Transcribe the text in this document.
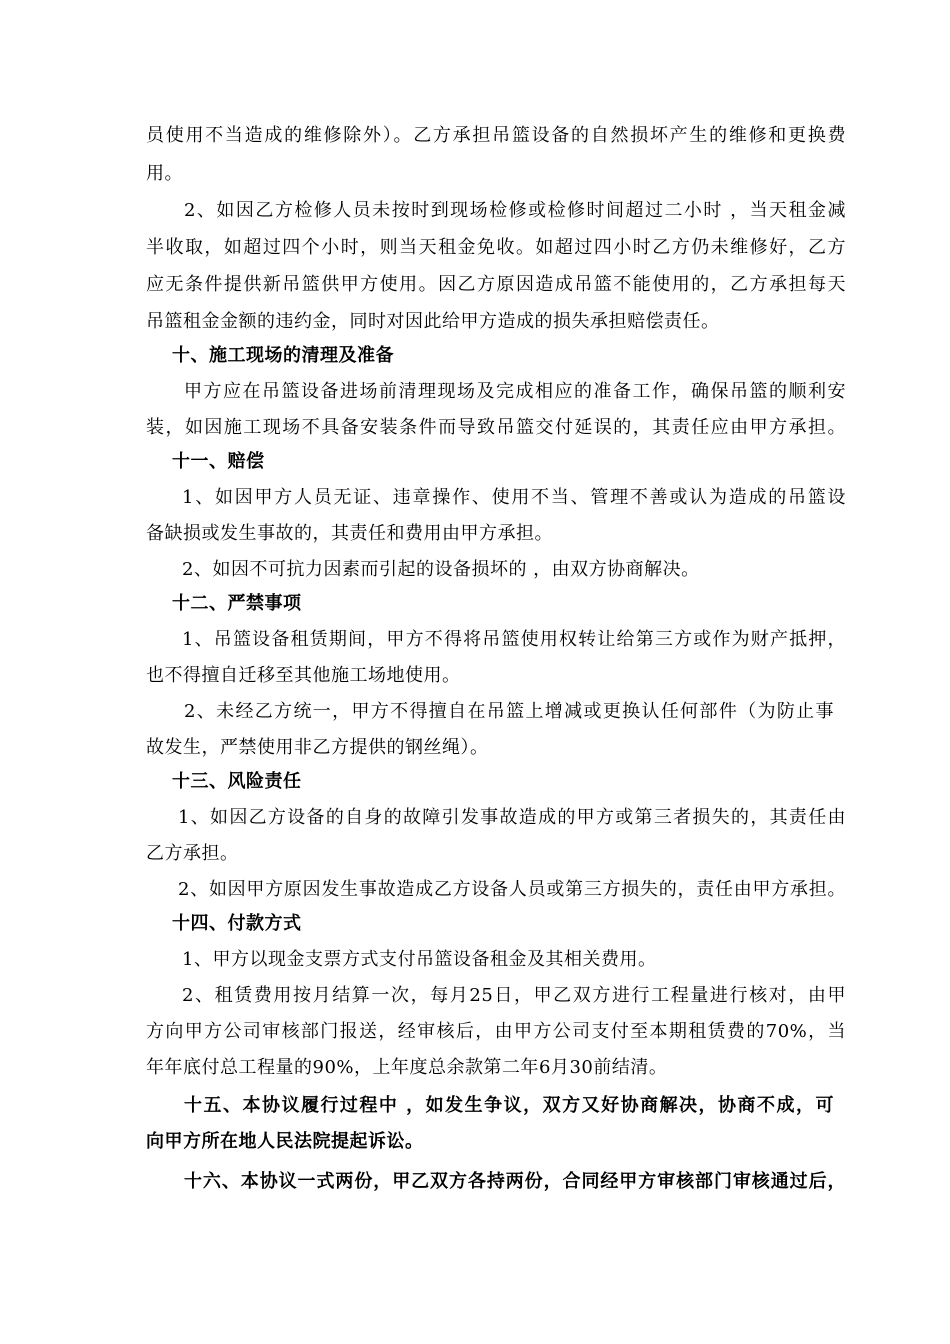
员使用不当造成的维修除外）。乙方承担吊篮设备的自然损坏产生的维修和更换费
用。
2、如因乙方检修人员未按时到现场检修或检修时间超过二小时 ，当天租金减
半收取，如超过四个小时，则当天租金免收。如超过四小时乙方仍未维修好，乙方
应无条件提供新吊篮供甲方使用。因乙方原因造成吊篮不能使用的，乙方承担每天
吊篮租金金额的违约金，同时对因此给甲方造成的损失承担赔偿责任。
十、施工现场的清理及准备
甲方应在吊篮设备进场前清理现场及完成相应的准备工作，确保吊篮的顺利安
装，如因施工现场不具备安装条件而导致吊篮交付延误的，其责任应由甲方承担。
十一、赔偿
1、如因甲方人员无证、违章操作、使用不当、管理不善或认为造成的吊篮设
备缺损或发生事故的，其责任和费用由甲方承担。
2、如因不可抗力因素而引起的设备损坏的 ，由双方协商解决。
十二、严禁事项
1、吊篮设备租赁期间，甲方不得将吊篮使用权转让给第三方或作为财产抵押，
也不得擅自迁移至其他施工场地使用。
2、未经乙方统一，甲方不得擅自在吊篮上增减或更换认任何部件（为防止事
故发生，严禁使用非乙方提供的钢丝绳）。
十三、风险责任
1、如因乙方设备的自身的故障引发事故造成的甲方或第三者损失的，其责任由
乙方承担。
2、如因甲方原因发生事故造成乙方设备人员或第三方损失的，责任由甲方承担。
十四、付款方式
1、甲方以现金支票方式支付吊篮设备租金及其相关费用。
2、租赁费用按月结算一次，每月25日，甲乙双方进行工程量进行核对，由甲
方向甲方公司审核部门报送，经审核后，由甲方公司支付至本期租赁费的70%，当
年年底付总工程量的90%，上年度总余款第二年6月30前结清。
十五、本协议履行过程中 ，如发生争议，双方又好协商解决，协商不成，可
向甲方所在地人民法院提起诉讼。
十六、本协议一式两份，甲乙双方各持两份，合同经甲方审核部门审核通过后，
